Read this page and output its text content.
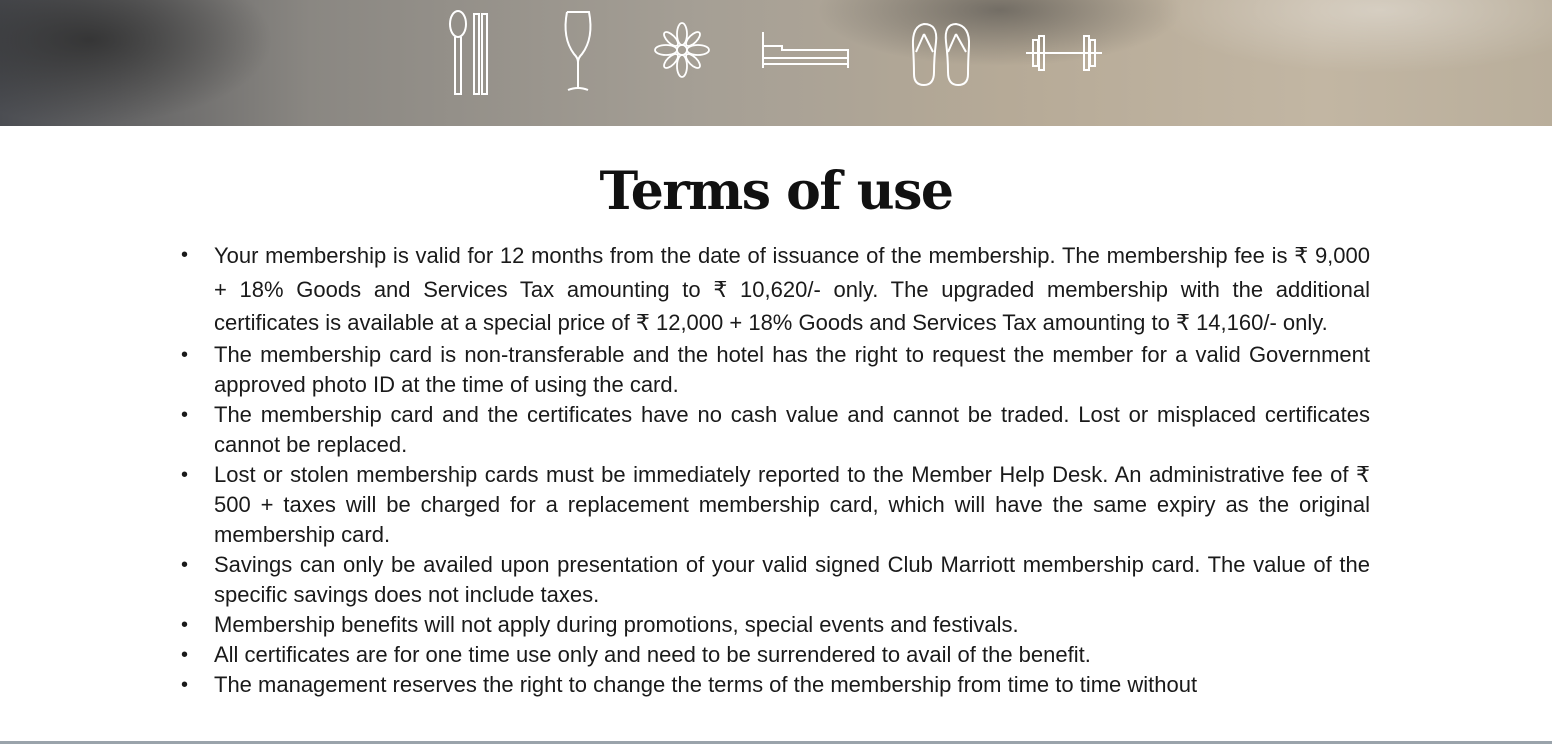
Terms of use
• Your membership is valid for 12 months from the date of issuance of the membership. The membership fee is ₹ 9,000 + 18% Goods and Services Tax amounting to ₹ 10,620/- only. The upgraded membership with the additional certificates is available at a special price of ₹ 12,000 + 18% Goods and Services Tax amounting to ₹ 14,160/- only.
• The membership card is non-transferable and the hotel has the right to request the member for a valid Government approved photo ID at the time of using the card.
• The membership card and the certificates have no cash value and cannot be traded. Lost or misplaced certificates cannot be replaced.
• Lost or stolen membership cards must be immediately reported to the Member Help Desk. An administrative fee of ₹ 500 + taxes will be charged for a replacement membership card, which will have the same expiry as the original membership card.
• Savings can only be availed upon presentation of your valid signed Club Marriott membership card. The value of the specific savings does not include taxes.
• Membership benefits will not apply during promotions, special events and festivals.
• All certificates are for one time use only and need to be surrendered to avail of the benefit.
• The management reserves the right to change the terms of the membership from time to time without
